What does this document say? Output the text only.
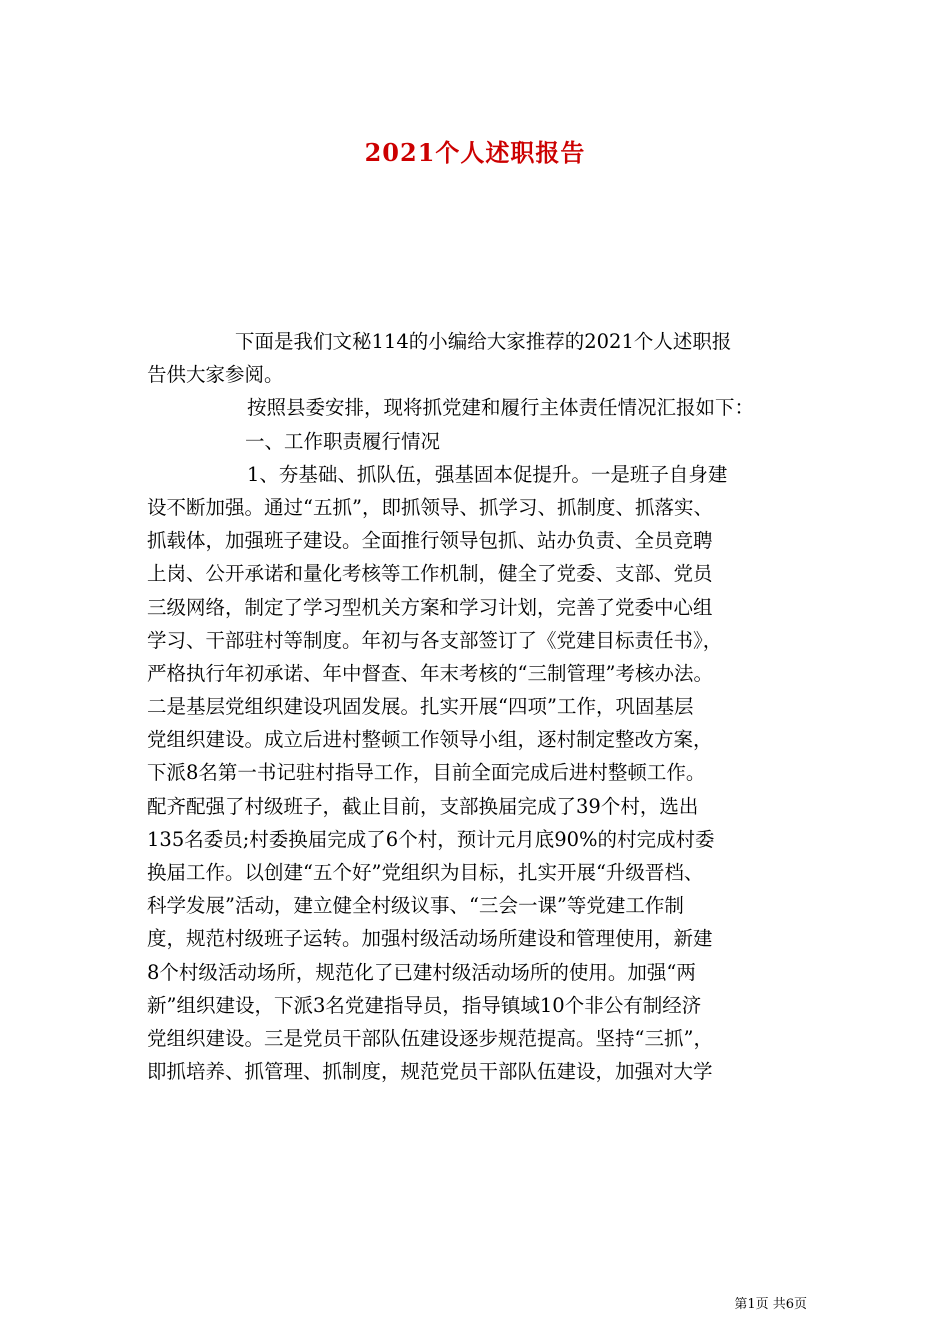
2021个人述职报告
下面是我们文秘114的小编给大家推荐的2021个人述职报
告供大家参阅。
按照县委安排，现将抓党建和履行主体责任情况汇报如下：
一、工作职责履行情况
1、夯基础、抓队伍，强基固本促提升。一是班子自身建
设不断加强。通过“五抓”，即抓领导、抓学习、抓制度、抓落实、
抓载体，加强班子建设。全面推行领导包抓、站办负责、全员竞聘
上岗、公开承诺和量化考核等工作机制，健全了党委、支部、党员
三级网络，制定了学习型机关方案和学习计划，完善了党委中心组
学习、干部驻村等制度。年初与各支部签订了《党建目标责任书》，
严格执行年初承诺、年中督查、年末考核的“三制管理”考核办法。
二是基层党组织建设巩固发展。扎实开展“四项”工作，巩固基层
党组织建设。成立后进村整顿工作领导小组，逐村制定整改方案，
下派8名第一书记驻村指导工作，目前全面完成后进村整顿工作。
配齐配强了村级班子，截止目前，支部换届完成了39个村，选出
135名委员;村委换届完成了6个村，预计元月底90%的村完成村委
换届工作。以创建“五个好”党组织为目标，扎实开展“升级晋档、
科学发展”活动，建立健全村级议事、“三会一课”等党建工作制
度，规范村级班子运转。加强村级活动场所建设和管理使用，新建
8个村级活动场所，规范化了已建村级活动场所的使用。加强“两
新”组织建设，下派3名党建指导员，指导镇域10个非公有制经济
党组织建设。三是党员干部队伍建设逐步规范提高。坚持“三抓”，
即抓培养、抓管理、抓制度，规范党员干部队伍建设，加强对大学
第1页 共6页
